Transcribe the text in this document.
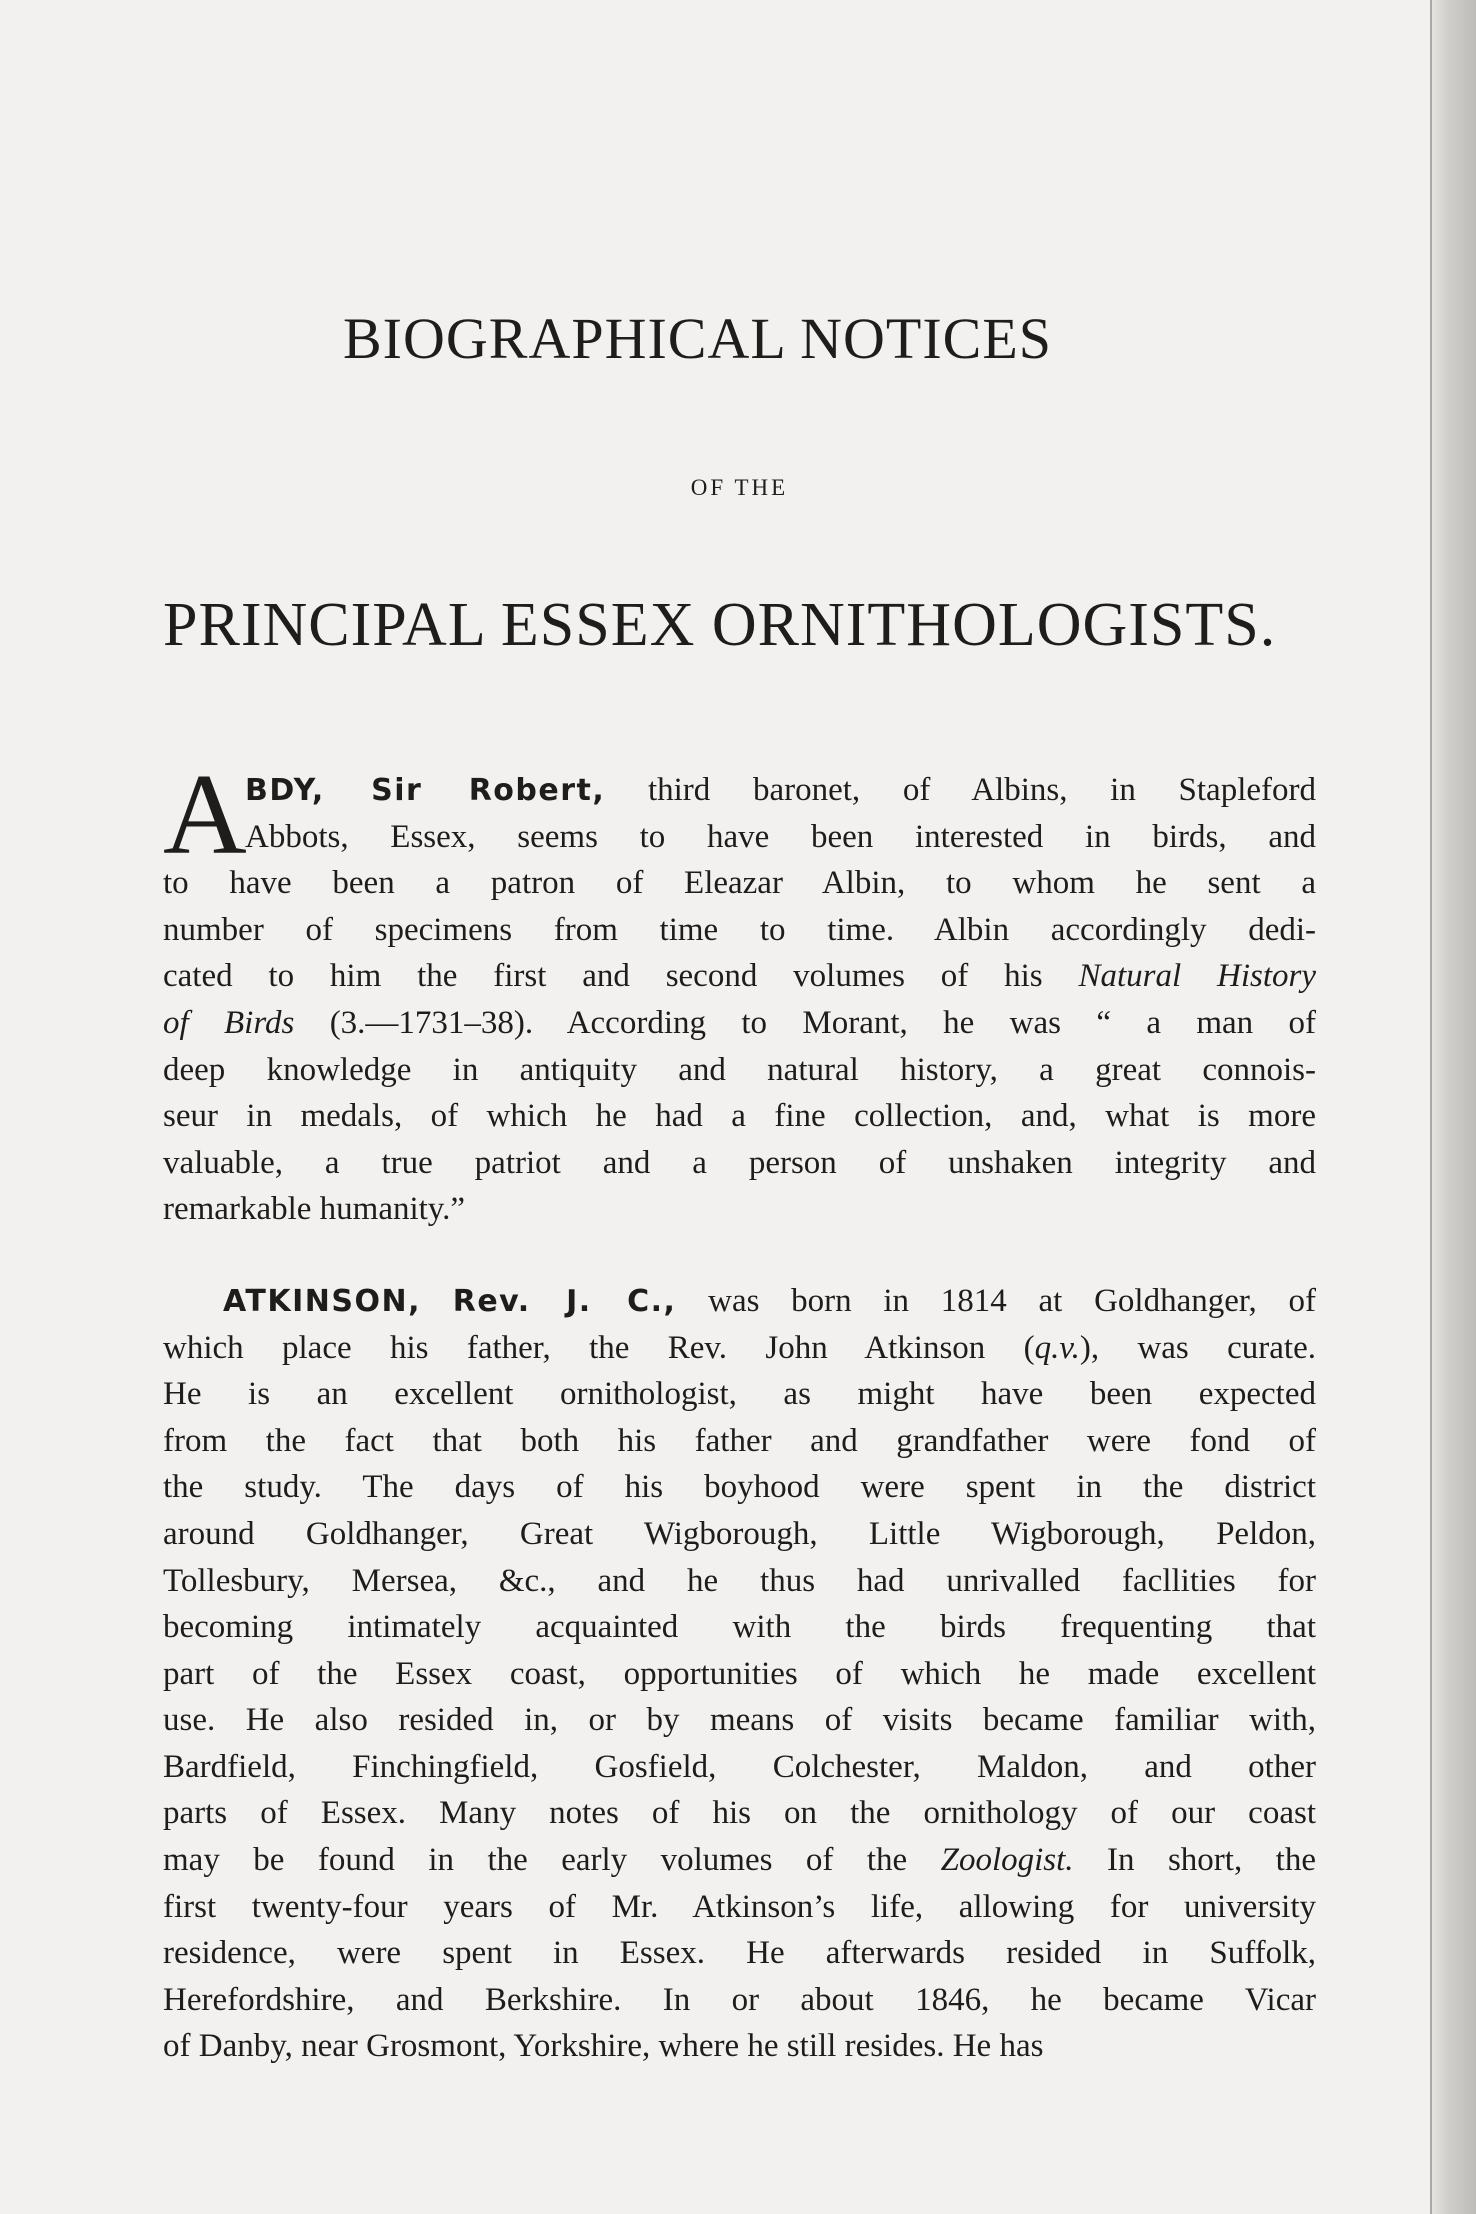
BIOGRAPHICAL NOTICES
OF THE
PRINCIPAL ESSEX ORNITHOLOGISTS.
A
BDY, Sir Robert, third baronet, of Albins, in Stapleford
Abbots, Essex, seems to have been interested in birds, and
to have been a patron of Eleazar Albin, to whom he sent a
number of specimens from time to time. Albin accordingly dedi-
cated to him the first and second volumes of his Natural History
of Birds (3.—1731–38). According to Morant, he was “ a man of
deep knowledge in antiquity and natural history, a great connois-
seur in medals, of which he had a fine collection, and, what is more
valuable, a true patriot and a person of unshaken integrity and
remarkable humanity.”
ATKINSON, Rev. J. C., was born in 1814 at Goldhanger, of
which place his father, the Rev. John Atkinson (q.v.), was curate.
He is an excellent ornithologist, as might have been expected
from the fact that both his father and grandfather were fond of
the study. The days of his boyhood were spent in the district
around Goldhanger, Great Wigborough, Little Wigborough, Peldon,
Tollesbury, Mersea, &c., and he thus had unrivalled facllities for
becoming intimately acquainted with the birds frequenting that
part of the Essex coast, opportunities of which he made excellent
use. He also resided in, or by means of visits became familiar with,
Bardfield, Finchingfield, Gosfield, Colchester, Maldon, and other
parts of Essex. Many notes of his on the ornithology of our coast
may be found in the early volumes of the Zoologist. In short, the
first twenty-four years of Mr. Atkinson’s life, allowing for university
residence, were spent in Essex. He afterwards resided in Suffolk,
Herefordshire, and Berkshire. In or about 1846, he became Vicar
of Danby, near Grosmont, Yorkshire, where he still resides. He has
